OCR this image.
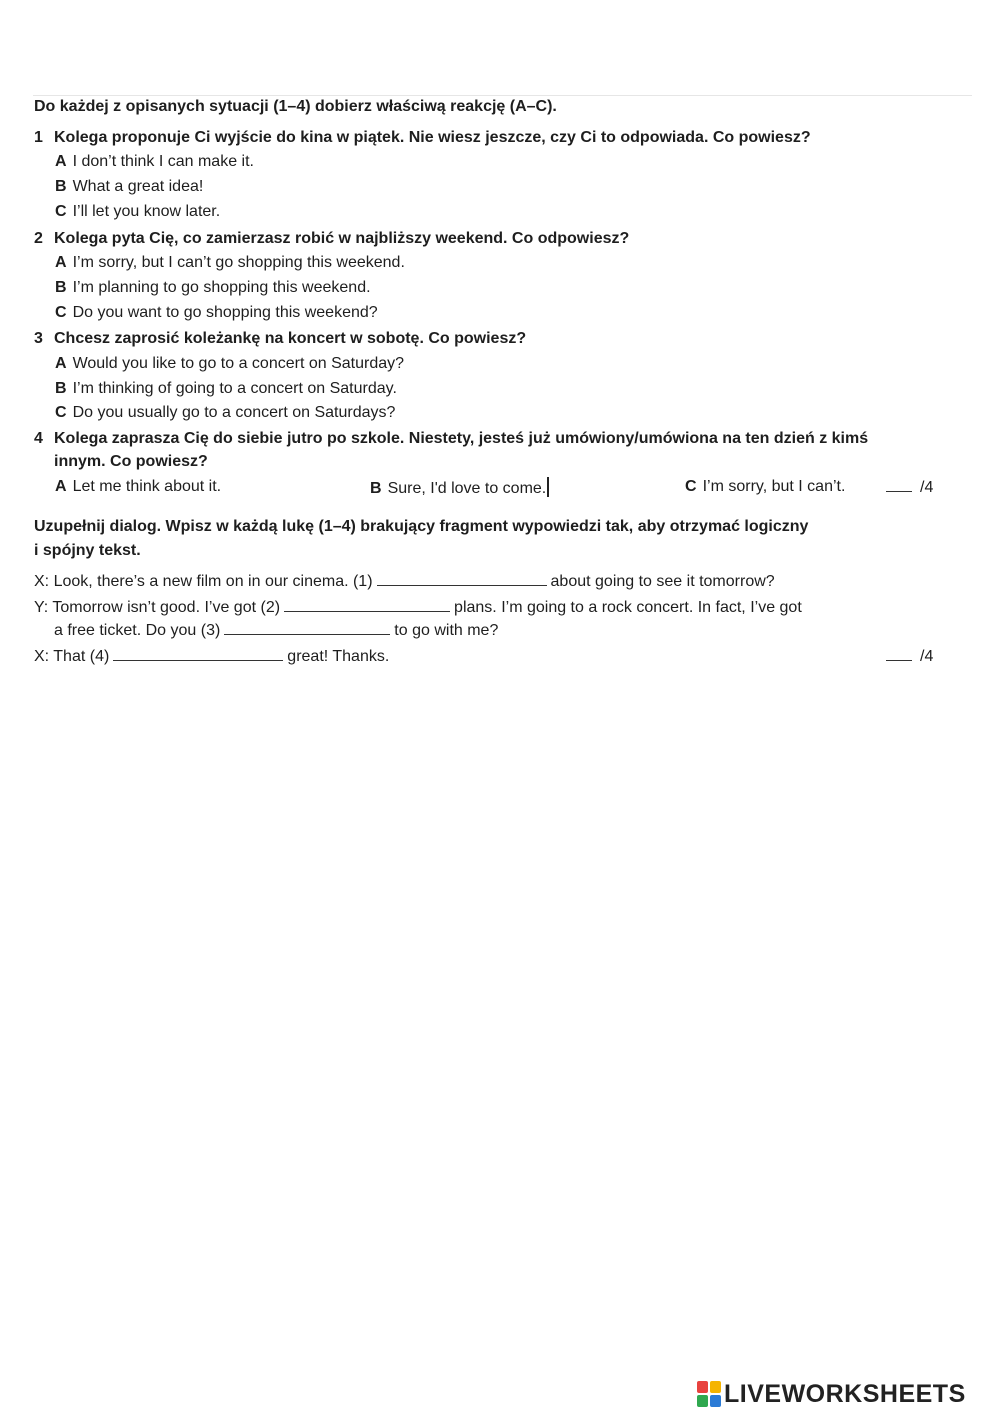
Do każdej z opisanych sytuacji (1–4) dobierz właściwą reakcję (A–C).
1 Kolega proponuje Ci wyjście do kina w piątek. Nie wiesz jeszcze, czy Ci to odpowiada. Co powiesz?
A I don’t think I can make it.
B What a great idea!
C I’ll let you know later.
2 Kolega pyta Cię, co zamierzasz robić w najbliższy weekend. Co odpowiesz?
A I’m sorry, but I can’t go shopping this weekend.
B I’m planning to go shopping this weekend.
C Do you want to go shopping this weekend?
3 Chcesz zaprosić koleżankę na koncert w sobotę. Co powiesz?
A Would you like to go to a concert on Saturday?
B I’m thinking of going to a concert on Saturday.
C Do you usually go to a concert on Saturdays?
4 Kolega zaprasza Cię do siebie jutro po szkole. Niestety, jesteś już umówiony/umówiona na ten dzień z kimś
innym. Co powiesz?
A Let me think about it.	B Sure, I'd love to come.	C I’m sorry, but I can’t.	/4
Uzupełnij dialog. Wpisz w każdą lukę (1–4) brakujący fragment wypowiedzi tak, aby otrzymać logiczny
i spójny tekst.
X: Look, there’s a new film on in our cinema. (1)	about going to see it tomorrow?
Y: Tomorrow isn’t good. I’ve got (2)	plans. I’m going to a rock concert. In fact, I’ve got
a free ticket. Do you (3)	to go with me?
X: That (4)	great! Thanks.	/4
LIVEWORKSHEETS
